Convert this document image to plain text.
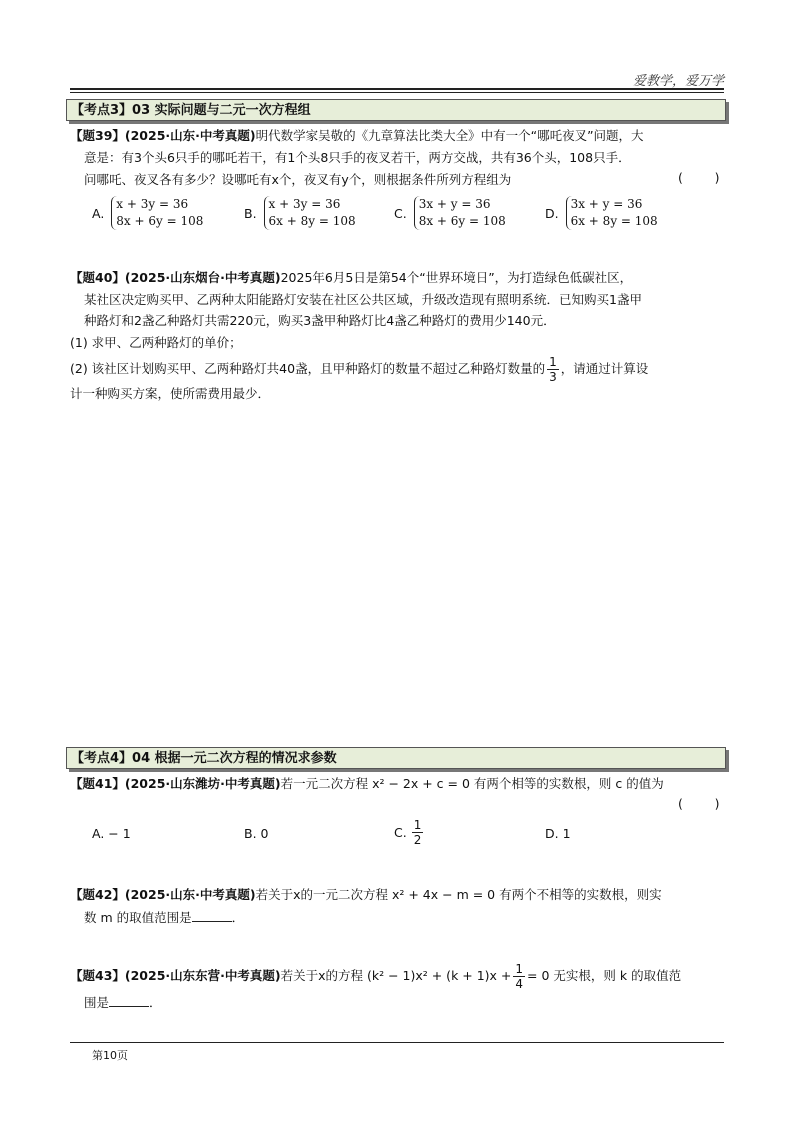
爱教学，爱万学
【考点3】03 实际问题与二元一次方程组
【题39】(2025·山东·中考真题)明代数学家吴敬的《九章算法比类大全》中有一个“哪吒夜叉”问题，大
意是：有3个头6只手的哪吒若干，有1个头8只手的夜叉若干，两方交战，共有36个头，108只手．
问哪吒、夜叉各有多少？设哪吒有x个，夜叉有y个，则根据条件所列方程组为	(        )
A.
x + 3y = 36
8x + 6y = 108
B.
x + 3y = 36
6x + 8y = 108
C.
3x + y = 36
8x + 6y = 108
D.
3x + y = 36
6x + 8y = 108
【题40】(2025·山东烟台·中考真题)2025年6月5日是第54个“世界环境日”，为打造绿色低碳社区，
某社区决定购买甲、乙两种太阳能路灯安装在社区公共区域，升级改造现有照明系统．已知购买1盏甲
种路灯和2盏乙种路灯共需220元，购买3盏甲种路灯比4盏乙种路灯的费用少140元．
(1) 求甲、乙两种路灯的单价；
(2) 该社区计划购买甲、乙两种路灯共40盏，且甲种路灯的数量不超过乙种路灯数量的 $\frac{1}{3}$ ，请通过计算设
计一种购买方案，使所需费用最少．
【考点4】04 根据一元二次方程的情况求参数
【题41】(2025·山东潍坊·中考真题)若一元二次方程 x² − 2x + c = 0 有两个相等的实数根，则 c 的值为
(        )
A. − 1	B. 0	C. $\frac{1}{2}$	D. 1
【题42】(2025·山东·中考真题)若关于x的一元二次方程 x² + 4x − m = 0 有两个不相等的实数根，则实
数 m 的取值范围是	．
【题43】(2025·山东东营·中考真题)若关于x的方程 $(k^2 - 1)x^2 + (k + 1)x + \frac{1}{4} = 0$ 无实根，则 k 的取值范
围是	．
第10页
